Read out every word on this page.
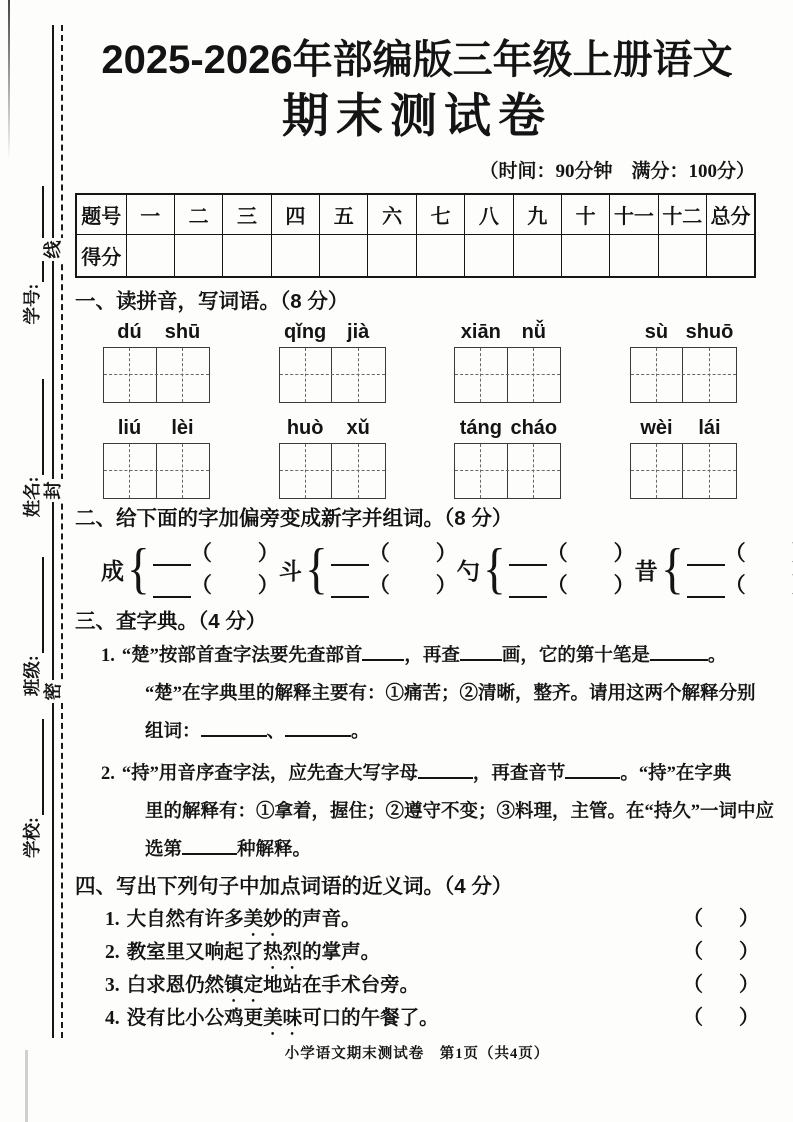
线
封
密
学校:
班级:
姓名:
学号:
2025-2026年部编版三年级上册语文
期末测试卷
（时间：90分钟　满分：100分）
题号	一	二	三	四	五	六	七	八	九	十	十一	十二	总分
得分													
一、读拼音，写词语。（8 分）
dú	shū	qǐng	jià	xiān	nǚ	sù shuō
liú	lèi	huò	xǔ	táng cháo	wèi	lái
二、给下面的字加偏旁变成新字并组词。（8 分）
成 { （ ）
（ ）
斗 { （ ）
（ ）
勺 { （ ）
（ ）
昔 { （
（
三、查字典。（4 分）
1. “楚”按部首查字法要先查部首 ，再查 画，它的第十笔是	。
“楚”在字典里的解释主要有：①痛苦；②清晰，整齐。请用这两个解释分别
组词：	、	。
2. “持”用音序查字法，应先查大写字母	，再查音节	。“持”在字典
里的解释有：①拿着，握住；②遵守不变；③料理，主管。在“持久”一词中应
选第	种解释。
四、写出下列句子中加点词语的近义词。（4 分）
1. 大自然有许多美妙的声音。	（ ）
2. 教室里又响起了热烈的掌声。	（ ）
3. 白求恩仍然镇定地站在手术台旁。	（ ）
4. 没有比小公鸡更美味可口的午餐了。	（ ）
小学语文期末测试卷　第1页（共4页）
